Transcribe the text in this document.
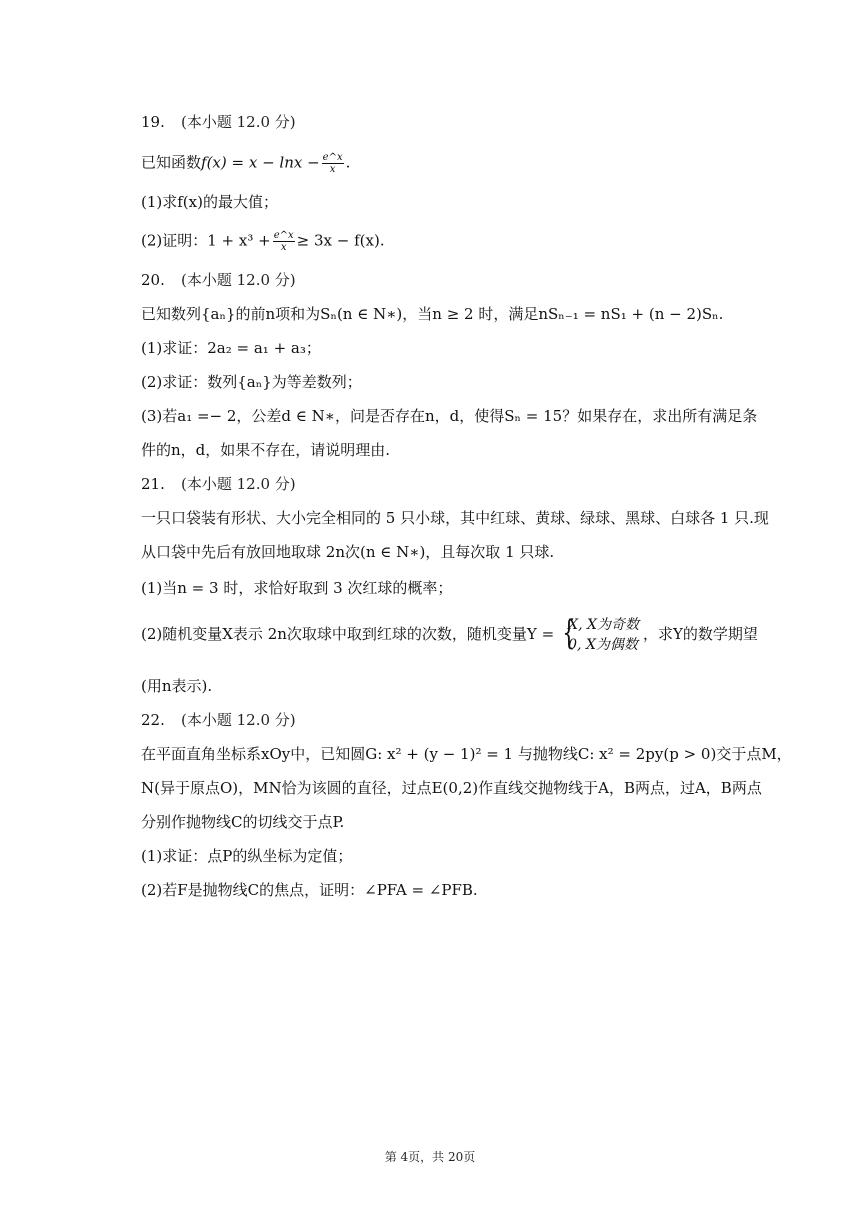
19. (本小题 12.0 分)
已知函数$f(x) = x - \ln x - \frac{e\^{}x}{x}$ .
(1)求f(x)的最大值；
(2)证明：$1 + x^3 + \frac{e\^{}x}{x} \ge 3x - f(x)$.
20. (本小题 12.0 分)
已知数列{aₙ}的前n项和为Sₙ(n ∈ N∗)，当n ≥ 2 时，满足nSₙ₋₁ = nS₁ + (n − 2)Sₙ.
(1)求证：2a₂ = a₁ + a₃；
(2)求证：数列{aₙ}为等差数列；
(3)若a₁ =− 2，公差d ∈ N∗，问是否存在n，d，使得Sₙ = 15？如果存在，求出所有满足条
件的n，d，如果不存在，请说明理由.
21. (本小题 12.0 分)
一只口袋装有形状、大小完全相同的 5 只小球，其中红球、黄球、绿球、黑球、白球各 1 只.现
从口袋中先后有放回地取球 2n次(n ∈ N∗)，且每次取 1 只球.
(1)当n = 3 时，求恰好取到 3 次红球的概率；
(2)随机变量X表示 2n次取球中取到红球的次数，随机变量Y = {
X, X为奇数
0, X为偶数
，求Y的数学期望
(用n表示).
22. (本小题 12.0 分)
在平面直角坐标系xOy中，已知圆G: x² + (y − 1)² = 1 与抛物线C: x² = 2py(p > 0)交于点M，
N(异于原点O)，MN恰为该圆的直径，过点E(0,2)作直线交抛物线于A，B两点，过A，B两点
分别作抛物线C的切线交于点P.
(1)求证：点P的纵坐标为定值；
(2)若F是抛物线C的焦点，证明：∠PFA = ∠PFB.
第 4页，共 20页
